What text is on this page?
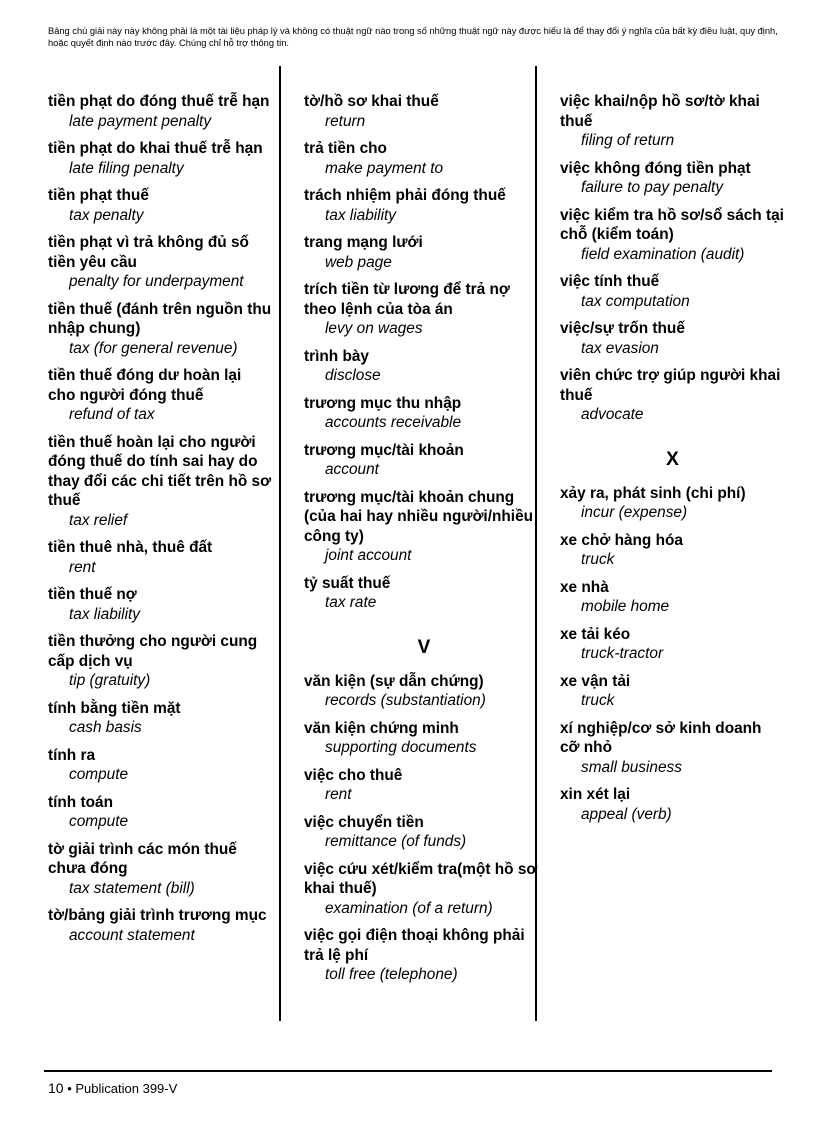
Bảng chú giải này này không phải là một tài liệu pháp lý và không có thuật ngữ nào trong số những thuật ngữ này được hiểu là để thay đổi ý nghĩa của bất kỳ điều luật, quy định, hoặc quyết định nào trước đây. Chúng chỉ hỗ trợ thông tin.
tiền phạt do đóng thuế trễ hạn
late payment penalty
tiền phạt do khai thuế trễ hạn
late filing penalty
tiền phạt thuế
tax penalty
tiền phạt vì trả không đủ số tiền yêu cầu
penalty for underpayment
tiền thuế (đánh trên nguồn thu nhập chung)
tax (for general revenue)
tiền thuế đóng dư hoàn lại cho người đóng thuế
refund of tax
tiền thuế hoàn lại cho người đóng thuế do tính sai hay do thay đổi các chi tiết trên hồ sơ thuế
tax relief
tiền thuê nhà, thuê đất
rent
tiền thuế nợ
tax liability
tiền thưởng cho người cung cấp dịch vụ
tip (gratuity)
tính bằng tiền mặt
cash basis
tính ra
compute
tính toán
compute
tờ giải trình các món thuế chưa đóng
tax statement (bill)
tờ/bảng giải trình trương mục
account statement
tờ/hồ sơ khai thuế
return
trả tiền cho
make payment to
trách nhiệm phải đóng thuế
tax liability
trang mạng lưới
web page
trích tiền từ lương để trả nợ theo lệnh của tòa án
levy on wages
trình bày
disclose
trương mục thu nhập
accounts receivable
trương mục/tài khoản
account
trương mục/tài khoản chung (của hai hay nhiều người/nhiều công ty)
joint account
tỷ suất thuế
tax rate
V
văn kiện (sự dẫn chứng)
records (substantiation)
văn kiện chứng minh
supporting documents
việc cho thuê
rent
việc chuyển tiền
remittance (of funds)
việc cứu xét/kiểm tra(một hồ sơ khai thuế)
examination (of a return)
việc gọi điện thoại không phải trả lệ phí
toll free (telephone)
việc khai/nộp hồ sơ/tờ khai thuế
filing of return
việc không đóng tiền phạt
failure to pay penalty
việc kiểm tra hồ sơ/sổ sách tại chỗ (kiểm toán)
field examination (audit)
việc tính thuế
tax computation
việc/sự trốn thuế
tax evasion
viên chức trợ giúp người khai thuế
advocate
X
xảy ra, phát sinh (chi phí)
incur (expense)
xe chở hàng hóa
truck
xe nhà
mobile home
xe tải kéo
truck-tractor
xe vận tải
truck
xí nghiệp/cơ sở kinh doanh cỡ nhỏ
small business
xin xét lại
appeal (verb)
10 • Publication 399-V
